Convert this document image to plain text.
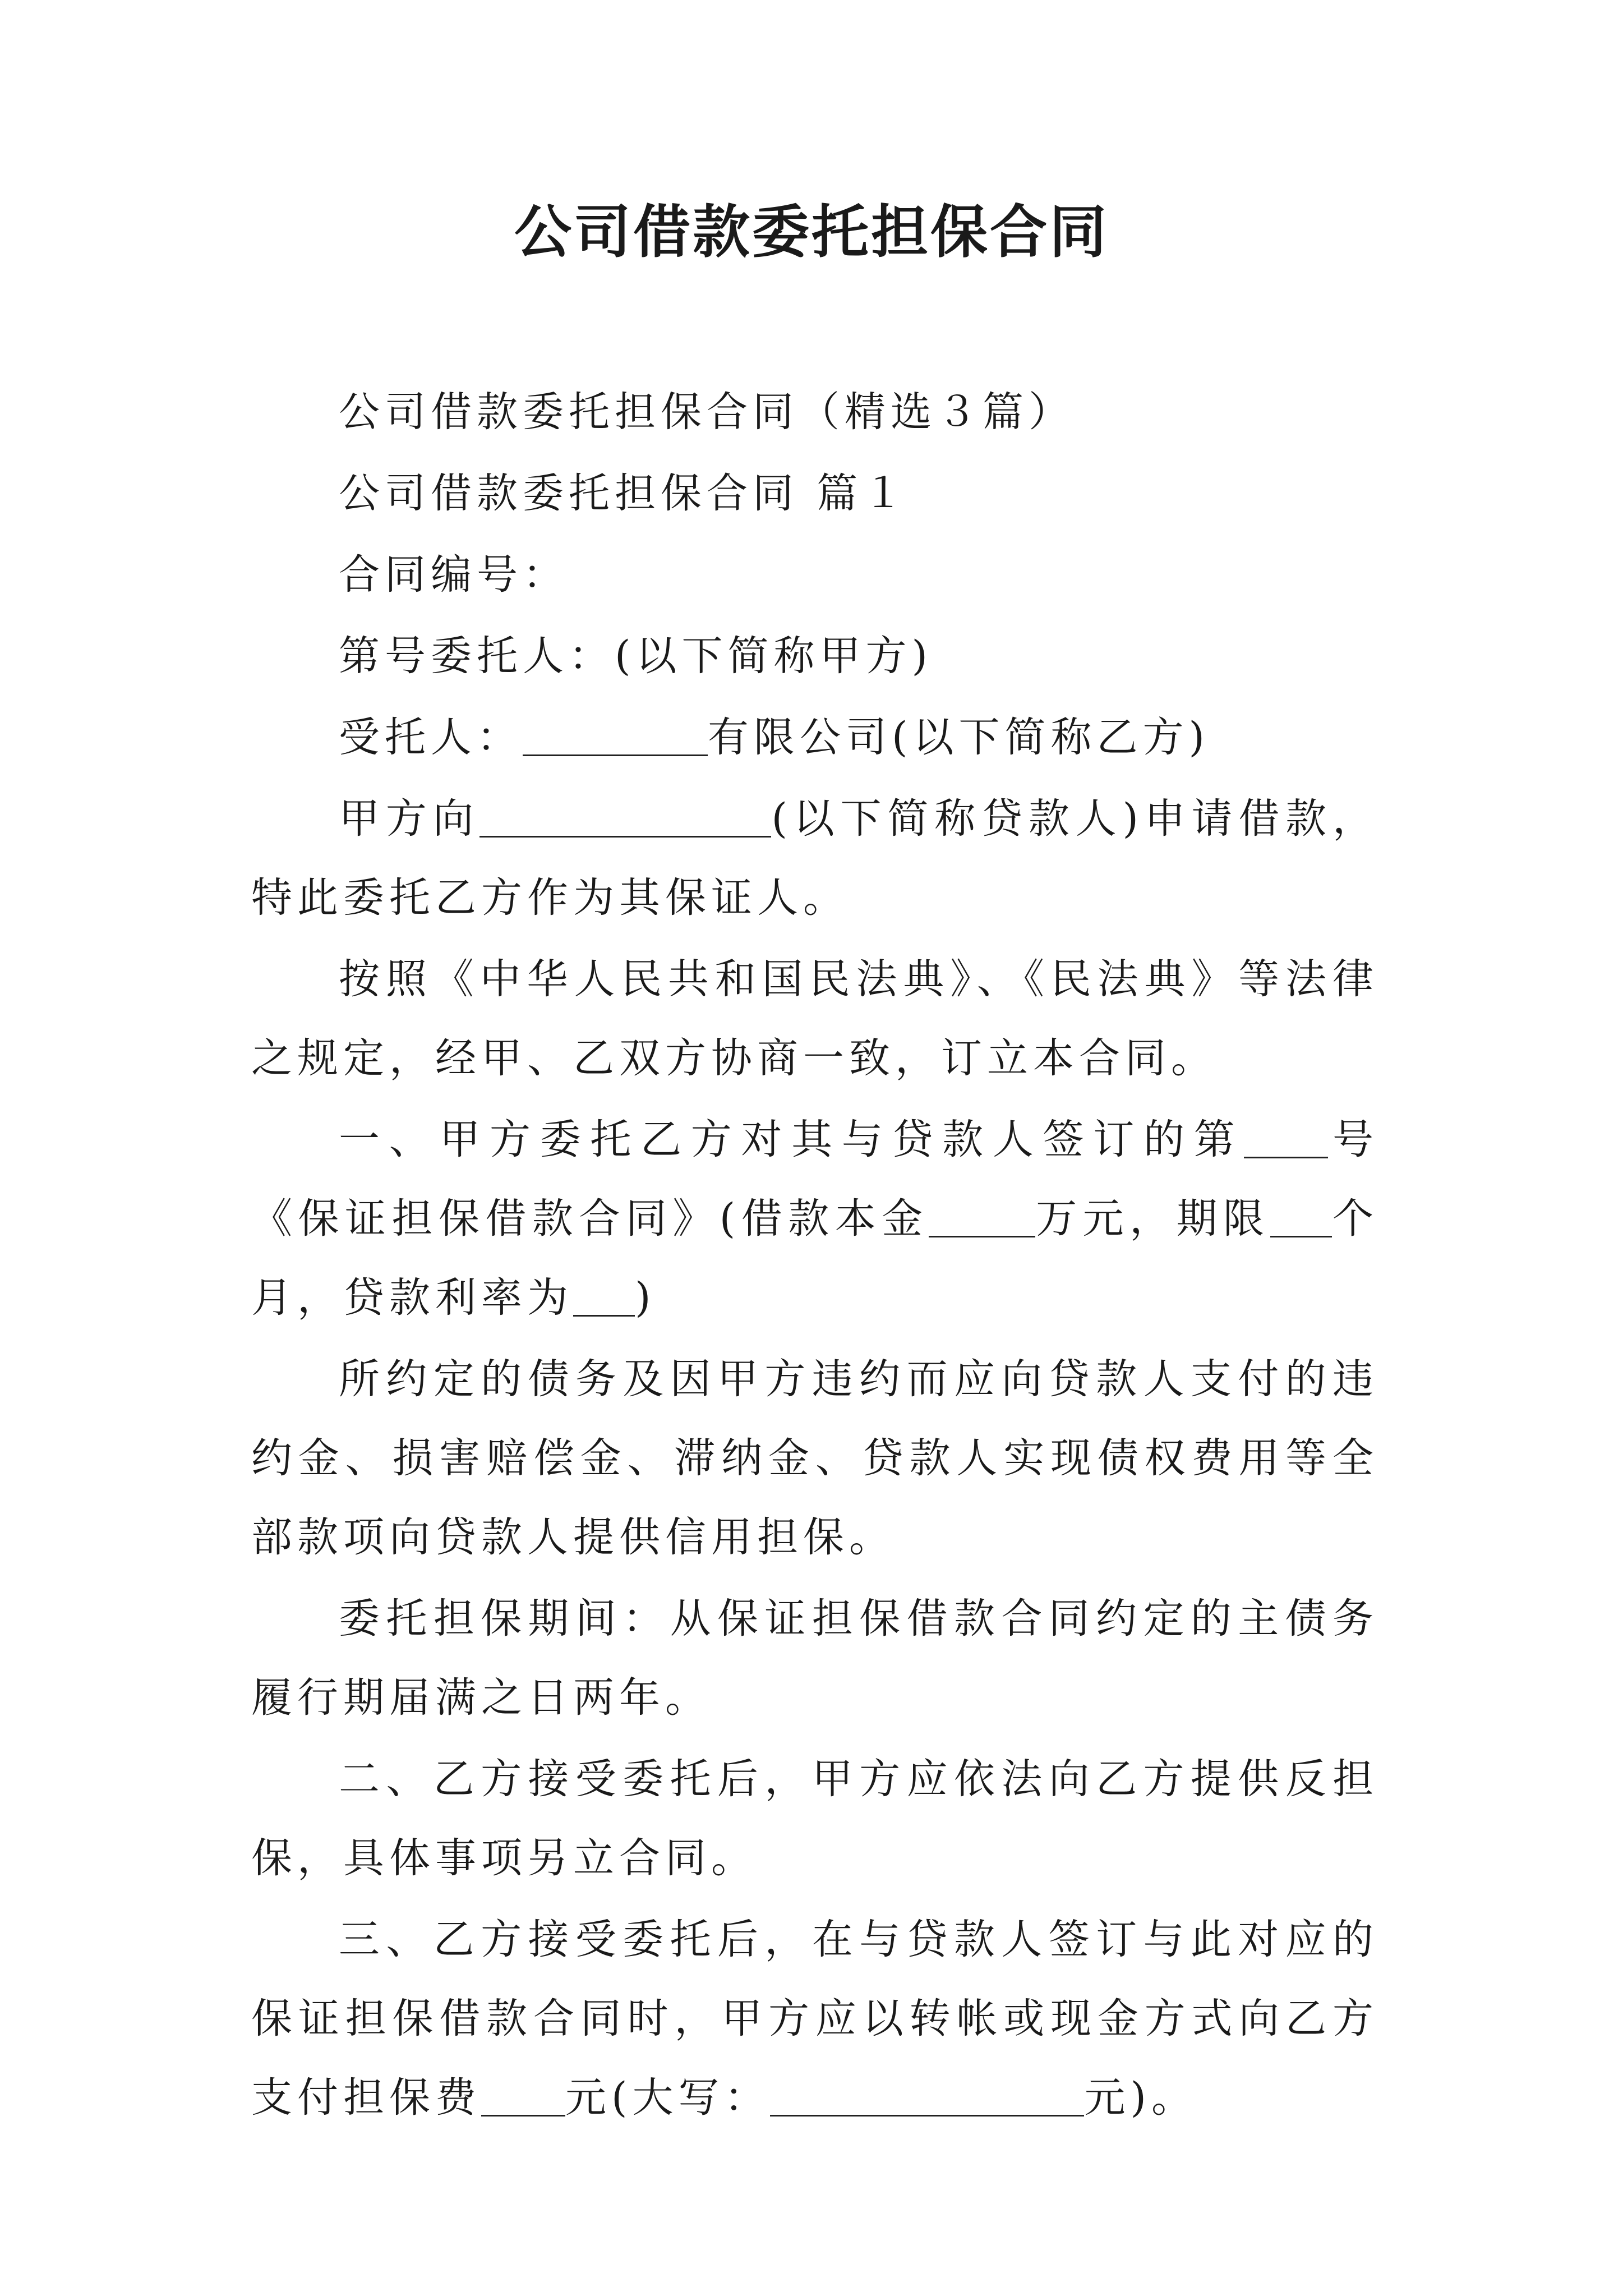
公司借款委托担保合同

公司借款委托担保合同（精选３篇）

公司借款委托担保合同 篇１

合同编号：

第号委托人：(以下简称甲方)

受托人：	有限公司(以下简称乙方)

甲方向	(以下简称贷款人)申请借款，特此委托乙方作为其保证人。

按照《中华人民共和国民法典》、《民法典》等法律之规定，经甲、乙双方协商一致，订立本合同。

一、甲方委托乙方对其与贷款人签订的第 号《保证担保借款合同》(借款本金	万元，期限 个月，贷款利率为 )

所约定的债务及因甲方违约而应向贷款人支付的违约金、损害赔偿金、滞纳金、贷款人实现债权费用等全部款项向贷款人提供信用担保。

委托担保期间：从保证担保借款合同约定的主债务履行期届满之日两年。

二、乙方接受委托后，甲方应依法向乙方提供反担保，具体事项另立合同。

三、乙方接受委托后，在与贷款人签订与此对应的保证担保借款合同时，甲方应以转帐或现金方式向乙方支付担保费 元(大写：	元)。
